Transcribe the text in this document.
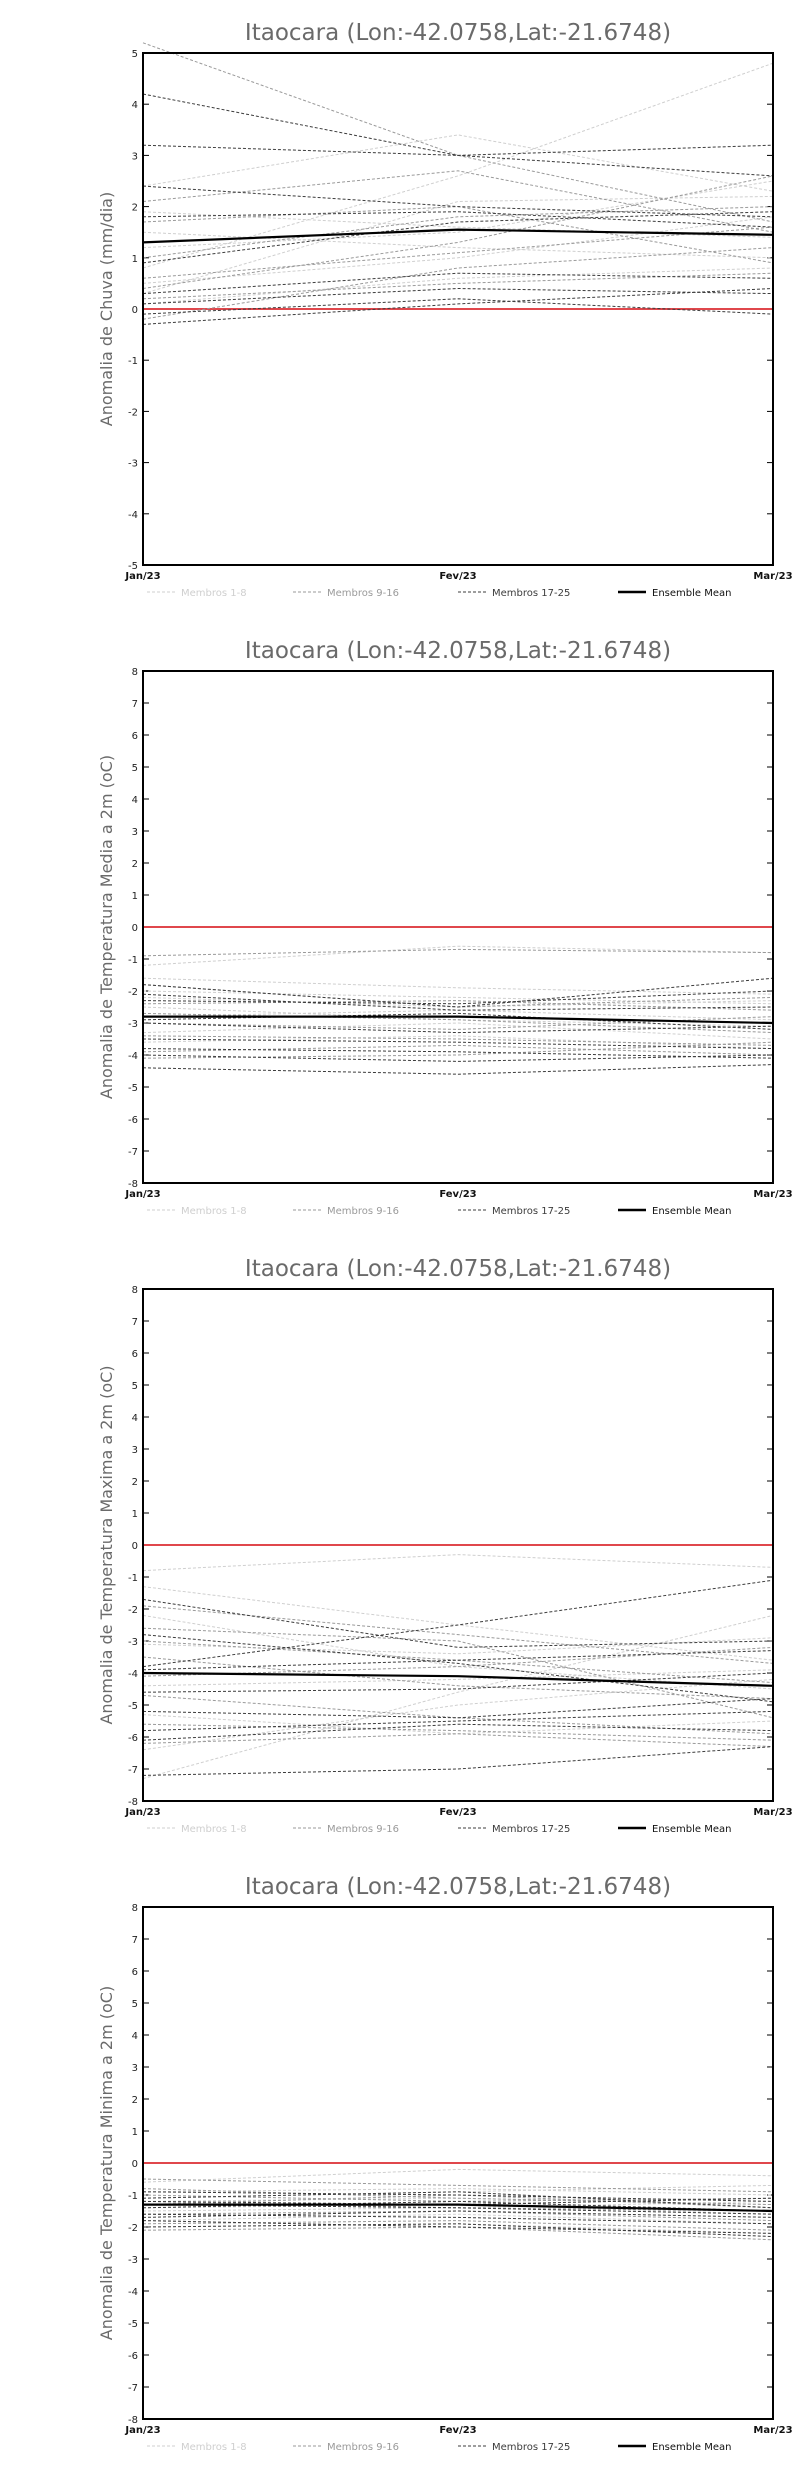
Itaocara (Lon:-42.0758,Lat:-21.6748)
Anomalia de Chuva (mm/dia)
-5
-4
-3
-2
-1
0
1
2
3
4
5
Jan/23	Fev/23	Mar/23
Membros 1-8	Membros 9-16	Membros 17-25	Ensemble Mean
Itaocara (Lon:-42.0758,Lat:-21.6748)
Anomalia de Temperatura Media a 2m (oC)
-8
-7
-6
-5
-4
-3
-2
-1
0
1
2
3
4
5
6
7
8
Jan/23	Fev/23	Mar/23
Membros 1-8	Membros 9-16	Membros 17-25	Ensemble Mean
Itaocara (Lon:-42.0758,Lat:-21.6748)
Anomalia de Temperatura Maxima a 2m (oC)
-8
-7
-6
-5
-4
-3
-2
-1
0
1
2
3
4
5
6
7
8
Jan/23	Fev/23	Mar/23
Membros 1-8	Membros 9-16	Membros 17-25	Ensemble Mean
Itaocara (Lon:-42.0758,Lat:-21.6748)
Anomalia de Temperatura Minima a 2m (oC)
-8
-7
-6
-5
-4
-3
-2
-1
0
1
2
3
4
5
6
7
8
Jan/23	Fev/23	Mar/23
Membros 1-8	Membros 9-16	Membros 17-25	Ensemble Mean
